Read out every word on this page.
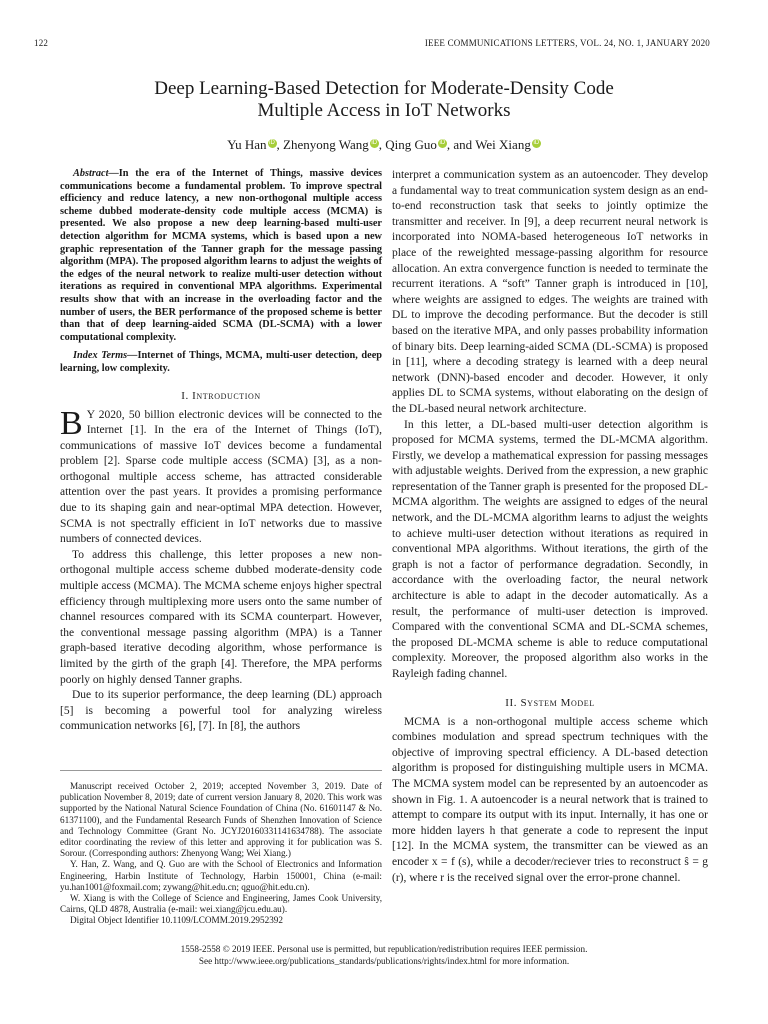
122	IEEE COMMUNICATIONS LETTERS, VOL. 24, NO. 1, JANUARY 2020
Deep Learning-Based Detection for Moderate-Density Code
Multiple Access in IoT Networks
Yu Han iD , Zhenyong Wang iD , Qing Guo iD , and Wei Xiang iD

Abstract—In the era of the Internet of Things, massive devices communications become a fundamental problem. To improve spectral efficiency and reduce latency, a new non-orthogonal multiple access scheme dubbed moderate-density code multiple access (MCMA) is presented. We also propose a new deep learning-based multi-user detection algorithm for MCMA systems, which is based upon a new graphic representation of the Tanner graph for the message passing algorithm (MPA). The proposed algorithm learns to adjust the weights of the edges of the neural network to realize multi-user detection without iterations as required in conventional MPA algorithms. Experimental results show that with an increase in the overloading factor and the number of users, the BER performance of the proposed scheme is better than that of deep learning-aided SCMA (DL-SCMA) with a lower computational complexity.

Index Terms—Internet of Things, MCMA, multi-user detection, deep learning, low complexity.

I. Introduction

B Y 2020, 50 billion electronic devices will be connected to the Internet [1]. In the era of the Internet of Things (IoT), communications of massive IoT devices become a fundamental problem [2]. Sparse code multiple access (SCMA) [3], as a non-orthogonal multiple access scheme, has attracted considerable attention over the past years. It provides a promising performance due to its shaping gain and near-optimal MPA detection. However, SCMA is not spectrally efficient in IoT networks due to massive numbers of connected devices.

To address this challenge, this letter proposes a new non-orthogonal multiple access scheme dubbed moderate-density code multiple access (MCMA). The MCMA scheme enjoys higher spectral efficiency through multiplexing more users onto the same number of channel resources compared with its SCMA counterpart. However, the conventional message passing algorithm (MPA) is a Tanner graph-based iterative decoding algorithm, whose performance is limited by the girth of the graph [4]. Therefore, the MPA performs poorly on highly densed Tanner graphs.

Due to its superior performance, the deep learning (DL) approach [5] is becoming a powerful tool for analyzing wireless communication networks [6], [7]. In [8], the authors

Manuscript received October 2, 2019; accepted November 3, 2019. Date of publication November 8, 2019; date of current version January 8, 2020. This work was supported by the National Natural Science Foundation of China (No. 61601147 & No. 61371100), and the Fundamental Research Funds of Shenzhen Innovation of Science and Technology Committee (Grant No. JCYJ20160331141634788). The associate editor coordinating the review of this letter and approving it for publication was S. Sorour. (Corresponding authors: Zhenyong Wang; Wei Xiang.)

Y. Han, Z. Wang, and Q. Guo are with the School of Electronics and Information Engineering, Harbin Institute of Technology, Harbin 150001, China (e-mail: yu.han1001@foxmail.com; zywang@hit.edu.cn; qguo@hit.edu.cn).

W. Xiang is with the College of Science and Engineering, James Cook University, Cairns, QLD 4878, Australia (e-mail: wei.xiang@jcu.edu.au).

Digital Object Identifier 10.1109/LCOMM.2019.2952392

interpret a communication system as an autoencoder. They develop a fundamental way to treat communication system design as an end-to-end reconstruction task that seeks to jointly optimize the transmitter and receiver. In [9], a deep recurrent neural network is incorporated into NOMA-based heterogeneous IoT networks in place of the reweighted message-passing algorithm for resource allocation. An extra convergence function is needed to terminate the recurrent iterations. A “soft” Tanner graph is introduced in [10], where weights are assigned to edges. The weights are trained with DL to improve the decoding performance. But the decoder is still based on the iterative MPA, and only passes probability information of binary bits. Deep learning-aided SCMA (DL-SCMA) is proposed in [11], where a decoding strategy is learned with a deep neural network (DNN)-based encoder and decoder. However, it only applies DL to SCMA systems, without elaborating on the design of the DL-based neural network architecture.

In this letter, a DL-based multi-user detection algorithm is proposed for MCMA systems, termed the DL-MCMA algorithm. Firstly, we develop a mathematical expression for passing messages with adjustable weights. Derived from the expression, a new graphic representation of the Tanner graph is presented for the proposed DL-MCMA algorithm. The weights are assigned to edges of the neural network, and the DL-MCMA algorithm learns to adjust the weights to achieve multi-user detection without iterations as required in conventional MPA algorithms. Without iterations, the girth of the graph is not a factor of performance degradation. Secondly, in accordance with the overloading factor, the neural network architecture is able to adapt in the decoder automatically. As a result, the performance of multi-user detection is improved. Compared with the conventional SCMA and DL-SCMA schemes, the proposed DL-MCMA scheme is able to reduce computational complexity. Moreover, the proposed algorithm also works in the Rayleigh fading channel.

II. System Model

MCMA is a non-orthogonal multiple access scheme which combines modulation and spread spectrum techniques with the objective of improving spectral efficiency. A DL-based detection algorithm is proposed for distinguishing multiple users in MCMA. The MCMA system model can be represented by an autoencoder as shown in Fig. 1. A autoencoder is a neural network that is trained to attempt to compare its output with its input. Internally, it has one or more hidden layers h that generate a code to represent the input [12]. In the MCMA system, the transmitter can be viewed as an encoder x = f (s), while a decoder/reciever tries to reconstruct ŝ = g (r), where r is the received signal over the error-prone channel.

1558-2558 © 2019 IEEE. Personal use is permitted, but republication/redistribution requires IEEE permission.
See http://www.ieee.org/publications_standards/publications/rights/index.html for more information.
